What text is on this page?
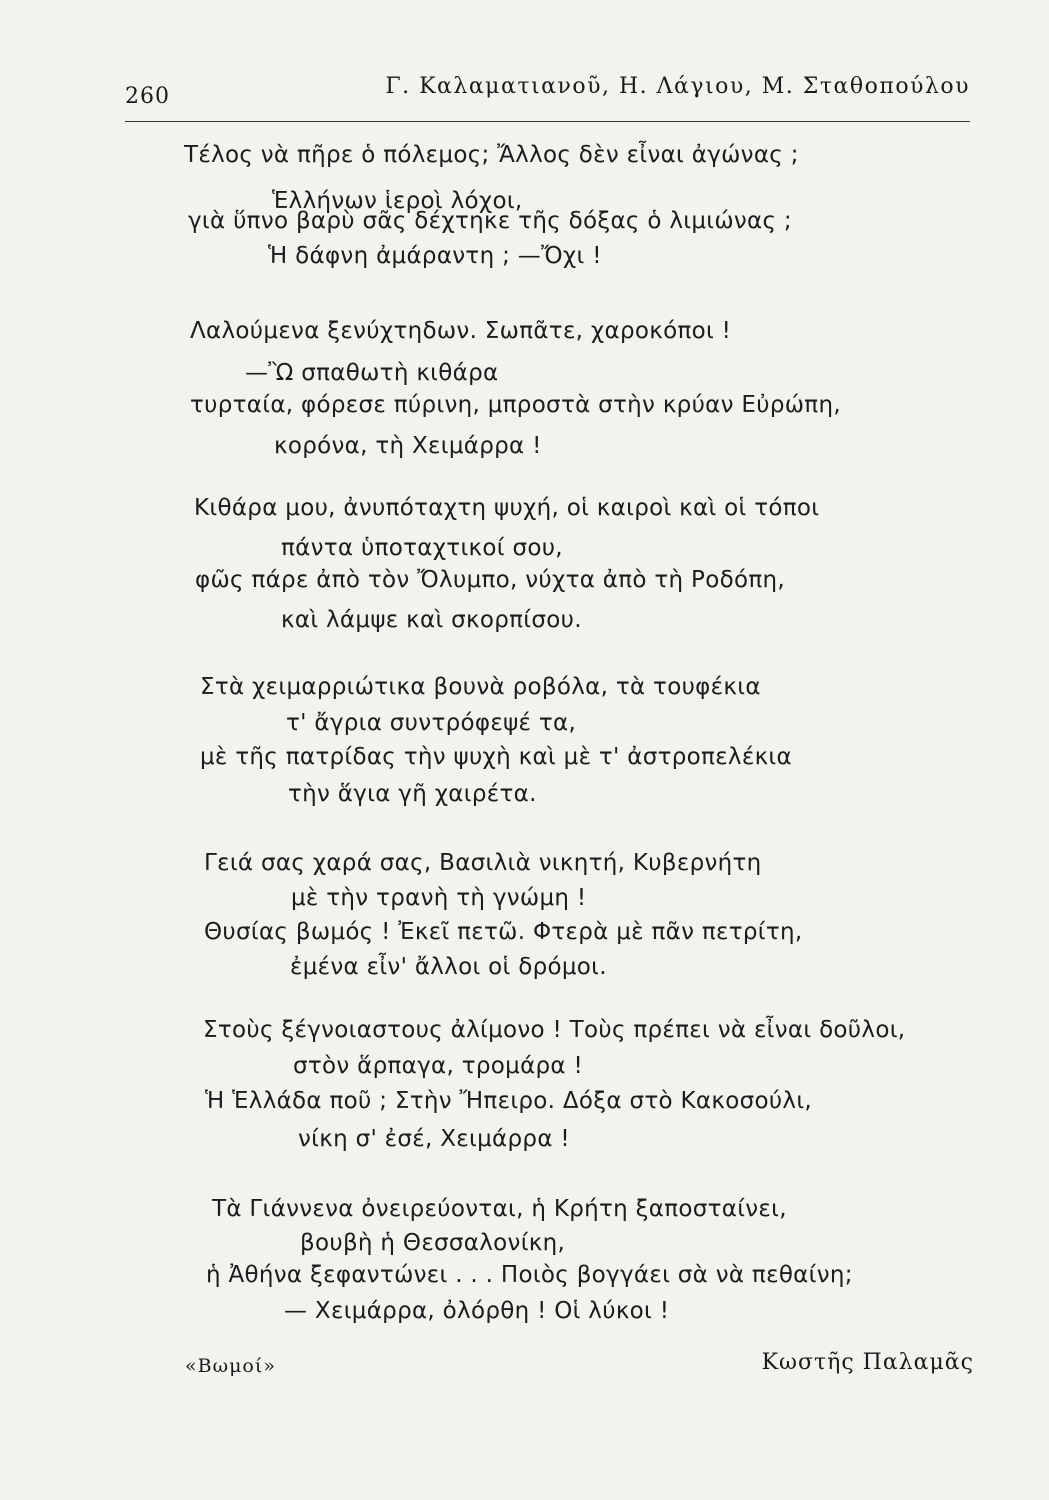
260	Γ. Καλαματιανοῦ, Η. Λάγιου, Μ. Σταθοπούλου
Τέλος νὰ πῆρε ὁ πόλεμος; Ἄλλος δὲν εἶναι ἀγώνας ;
Ἑλλήνων ἱεροὶ λόχοι,
γιὰ ὕπνο βαρὺ σᾶς δέχτηκε τῆς δόξας ὁ λιμιώνας ;
Ἡ δάφνη ἀμάραντη ; —Ὄχι !
Λαλούμενα ξενύχτηδων. Σωπᾶτε, χαροκόποι !
—Ὢ σπαθωτὴ κιθάρα
τυρταία, φόρεσε πύρινη, μπροστὰ στὴν κρύαν Εὐρώπη,
κορόνα, τὴ Χειμάρρα !
Κιθάρα μου, ἀνυπόταχτη ψυχή, οἱ καιροὶ καὶ οἱ τόποι
πάντα ὑποταχτικοί σου,
φῶς πάρε ἀπὸ τὸν Ὄλυμπο, νύχτα ἀπὸ τὴ Ροδόπη,
καὶ λάμψε καὶ σκορπίσου.
Στὰ χειμαρριώτικα βουνὰ ροβόλα, τὰ τουφέκια
τ' ἄγρια συντρόφεψέ τα,
μὲ τῆς πατρίδας τὴν ψυχὴ καὶ μὲ τ' ἀστροπελέκια
τὴν ἅγια γῆ χαιρέτα.
Γειά σας χαρά σας, Βασιλιὰ νικητή, Κυβερνήτη
μὲ τὴν τρανὴ τὴ γνώμη !
Θυσίας βωμός ! Ἐκεῖ πετῶ. Φτερὰ μὲ πᾶν πετρίτη,
ἐμένα εἶν' ἄλλοι οἱ δρόμοι.
Στοὺς ξέγνοιαστους ἀλίμονο ! Τοὺς πρέπει νὰ εἶναι δοῦλοι,
στὸν ἅρπαγα, τρομάρα !
Ἡ Ἑλλάδα ποῦ ; Στὴν Ἤπειρο. Δόξα στὸ Κακοσούλι,
νίκη σ' ἐσέ, Χειμάρρα !
Τὰ Γιάννενα ὀνειρεύονται, ἡ Κρήτη ξαποσταίνει,
βουβὴ ἡ Θεσσαλονίκη,
ἡ Ἀθήνα ξεφαντώνει . . . Ποιὸς βογγάει σὰ νὰ πεθαίνη;
— Χειμάρρα, ὀλόρθη ! Οἱ λύκοι !
«Βωμοί»	Κωστῆς Παλαμᾶς
